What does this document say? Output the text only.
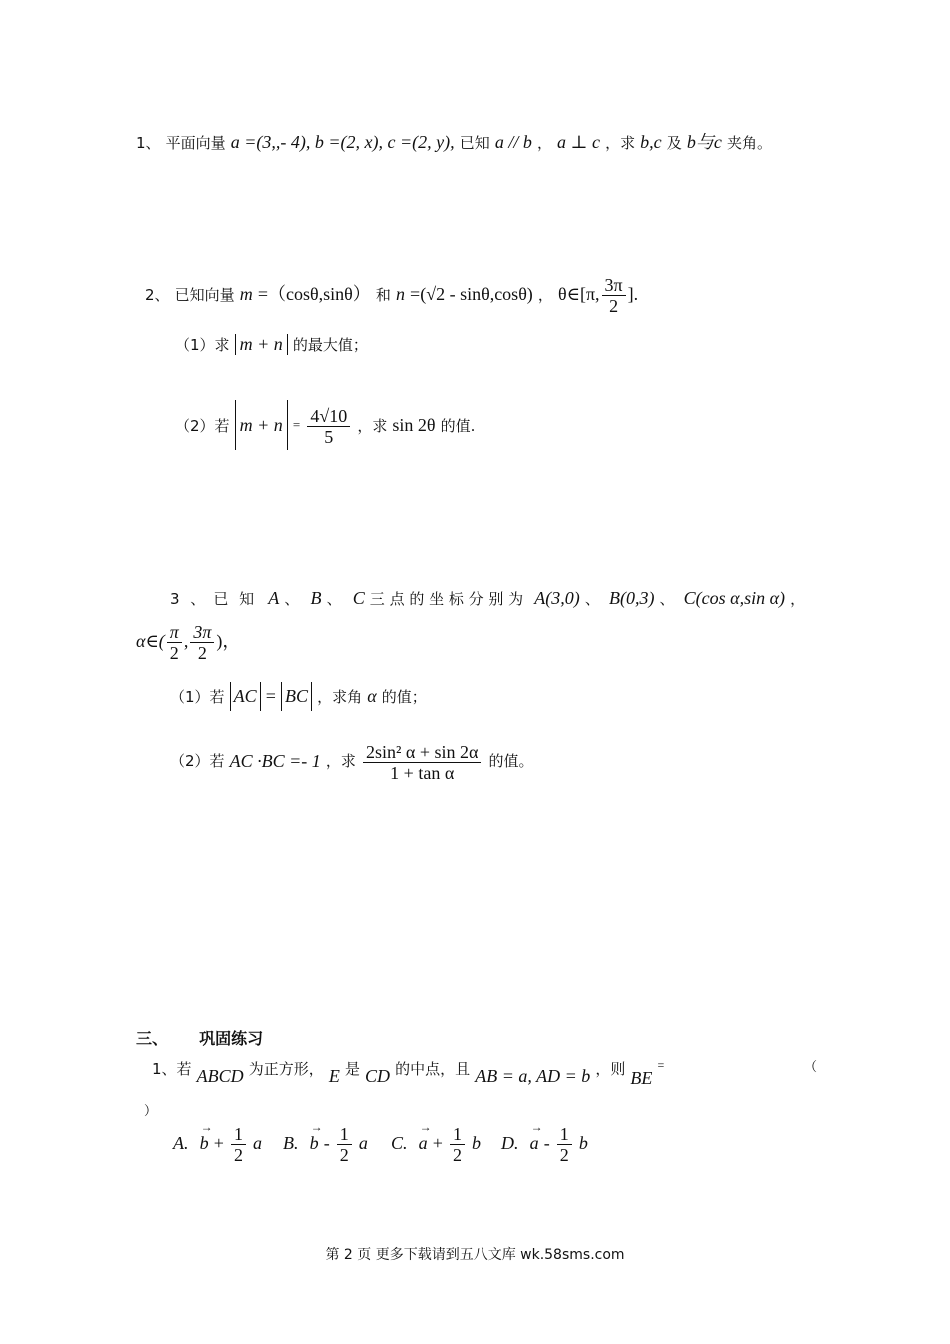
1、 平面向量 a =(3,,- 4), b =(2, x), c =(2, y), 已知 a // b ， a ⊥ c ，求 b,c 及 b与c 夹角。
2、 已知向量 m =（cosθ,sinθ） 和 n =(√2 - sinθ,cosθ) ， θ∈[π, $\frac{3\pi}{2}$ ].
（1）求 m + n 的最大值；
（2）若 m + n $^= \frac{4√10}{5}$ ，求 sin 2θ 的值.
3 、 已 知 A 、 B 、 C 三 点 的 坐 标 分 别 为 A(3,0) 、 B(0,3) 、 C(cos α,sin α) ，
α∈( $\frac{\pi}{2}$ , $\frac{3\pi}{2}$ )，
（1）若 AC = BC ，求角 α 的值；
（2）若 AC ·BC =- 1 ，求 $\frac{\text{2sin² α + sin 2α}}{\text{1 + tan α}}$ 的值。
三、 巩固练习
1、若 ABCD 为正方形， E 是 CD 的中点，且 AB = a, AD = b ，则 BE =	（
）
A. → $b + \frac{1}{2}$ a B. → b - $\frac{1}{2}$ a C. → $a + \frac{1}{2}$ b D. → a - $\frac{1}{2}$ b
第 2 页 更多下载请到五八文库 wk.58sms.com
